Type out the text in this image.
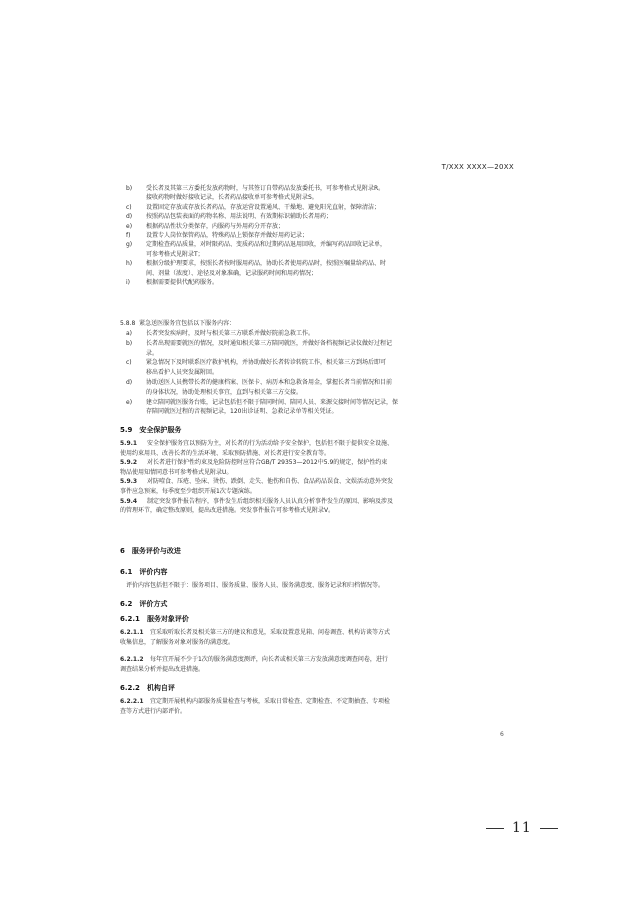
T/XXX XXXX—20XX
b) 受长者及其第三方委托发放药物时，与其签订自带药品发放委托书，可参考格式见附录R。
接收药物时做好接收记录，长者药品接收单可参考格式见附录S。
c) 设置固定存放或存放长者药品，存放运营设置通风、干燥地、避免阳光直射，保障清洁；
d) 按照药品包装表面的药物名称、用法说明、有效期标识辅助长者用药；
e) 根据药品性状分类保存，内服药与外用药分开存放；
f)	设置专人岗位保管药品，特殊药品上锁保存并做好用药记录；
g) 定期检查药品质量，对时限药品、变质药品和过期药品退用回收，并编写药品回收记录单，
可参考格式见附录T；
h) 根据分级护理要求，按照长者按时服用药品，协助长者使用药品时，按照医嘱量给药品、时
间、剂量（浓度）、途径及对象准确，记录服药时间和用药情况；
i)	根据需要提供代配药服务。
5.8.8 紧急送医服务宜包括以下服务内容：
a) 长者突发疾病时，及时与相关第三方联系并做好院前急救工作。
b) 长者出现需要就医的情况，及时通知相关第三方陪同就医，并做好备档视频记录仪做好过程记
录。
c) 紧急情况下及时联系医疗救护机构，并协助做好长者转诊转院工作，相关第三方到场后即可
移出看护人员突发属附回。
d) 协助送医人员携带长者的健康档案、医保卡、病历本和急救备用金，掌握长者当前情况和目前
的身体状况，协助处理相关事宜，直到与相关第三方交接。
e) 建立陪同就医服务台账，记录包括但不限于陪同时间、陪同人员、来源交接时间等情况记录，保
存陪同就医过程的音视频记录，120出诊证明、急救记录单等相关凭证。
5.9 安全保护服务
5.9.1 安全保护服务宜以预防为主，对长者的行为活动给予安全保护，包括但不限于提供安全设施、
使用约束用具、改善长者的生活环境、采取预防措施、对长者进行安全教育等。
5.9.2 对长者进行保护性约束及危险防控时应符合GB/T 29353—2012中5.9的规定，保护性约束
物品使用知情同意书可参考格式见附录U。
5.9.3 对防噎食、压疮、坠床、烫伤、跌倒、走失、他伤和自伤、食品药品误食、文娱活动意外突发
事件应急预案，每季度至少组织开展1次专题演练。
5.9.4 制定突发事件报告程序，事件发生后组织相关服务人员认真分析事件发生的原因、影响及涉及
的管理环节，确定整改原则，提出改进措施。突发事件报告可参考格式见附录V。
6 服务评价与改进
6.1 评价内容
评价内容包括但不限于：服务项目、服务质量、服务人员、服务满意度、服务记录和归档情况等。
6.2 评价方式
6.2.1 服务对象评价
6.2.1.1 宜采取听取长者及相关第三方的建议和意见，采取设置意见箱、问卷调查、机构访谈等方式
收集信息，了解服务对象对服务的满意度。
6.2.1.2 每年宜开展不少于1次的服务满意度测评，向长者或相关第三方发放满意度调查问卷，进行
调查结果分析并提出改进措施。
6.2.2 机构自评
6.2.2.1 宜定期开展机构内部服务质量检查与考核，采取日常检查、定期检查、不定期抽查、专项检
查等方式进行内部评价。
6
11
